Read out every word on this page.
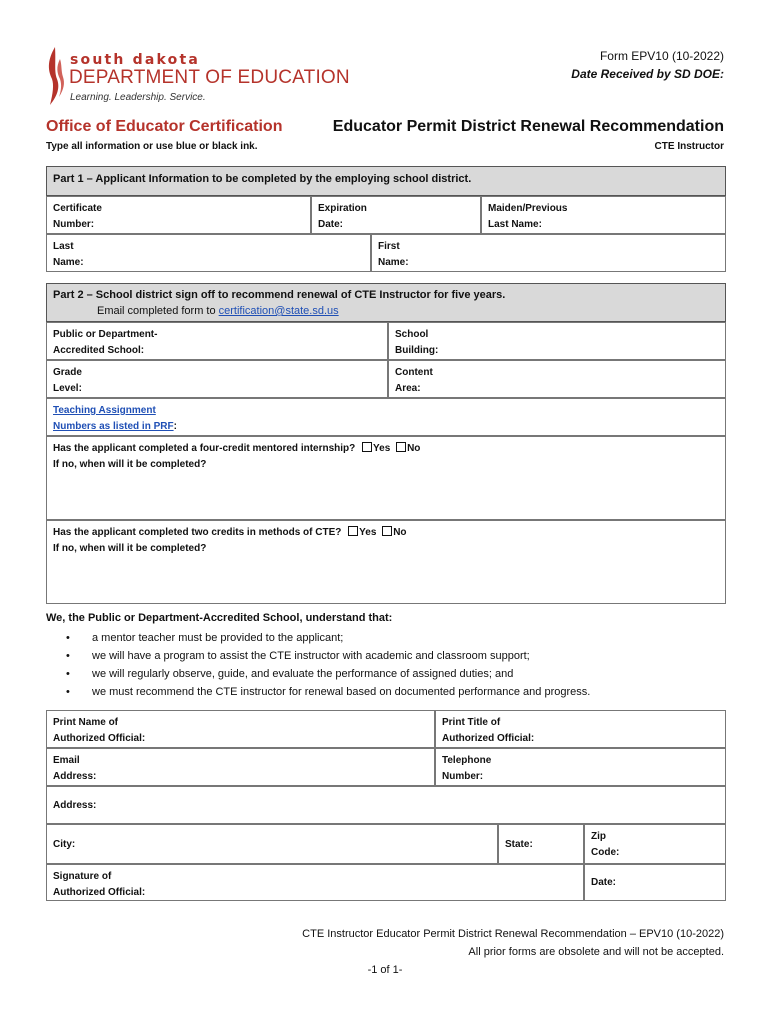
south dakota
DEPARTMENT OF EDUCATION
Learning. Leadership. Service.
Form EPV10 (10-2022)
Date Received by SD DOE:
Office of Educator Certification
Type all information or use blue or black ink.
Educator Permit District Renewal Recommendation
CTE Instructor
Part 1 – Applicant Information to be completed by the employing school district.
Certificate
Number:
Expiration
Date:
Maiden/Previous
Last Name:
Last
Name:
First
Name:
Part 2 – School district sign off to recommend renewal of CTE Instructor for five years.
Email completed form to certification@state.sd.us
Public or Department-
Accredited School:
School
Building:
Grade
Level:
Content
Area:
Teaching Assignment
Numbers as listed in PRF:
Has the applicant completed a four-credit mentored internship? Yes No
If no, when will it be completed?
Has the applicant completed two credits in methods of CTE? Yes No
If no, when will it be completed?
We, the Public or Department-Accredited School, understand that:
• a mentor teacher must be provided to the applicant;
• we will have a program to assist the CTE instructor with academic and classroom support;
• we will regularly observe, guide, and evaluate the performance of assigned duties; and
• we must recommend the CTE instructor for renewal based on documented performance and progress.
Print Name of
Authorized Official:
Print Title of
Authorized Official:
Email
Address:
Telephone
Number:
Address:
City:	State:
Zip
Code:
Signature of
Authorized Official:
Date:
CTE Instructor Educator Permit District Renewal Recommendation – EPV10 (10-2022)
All prior forms are obsolete and will not be accepted.
-1 of 1-
